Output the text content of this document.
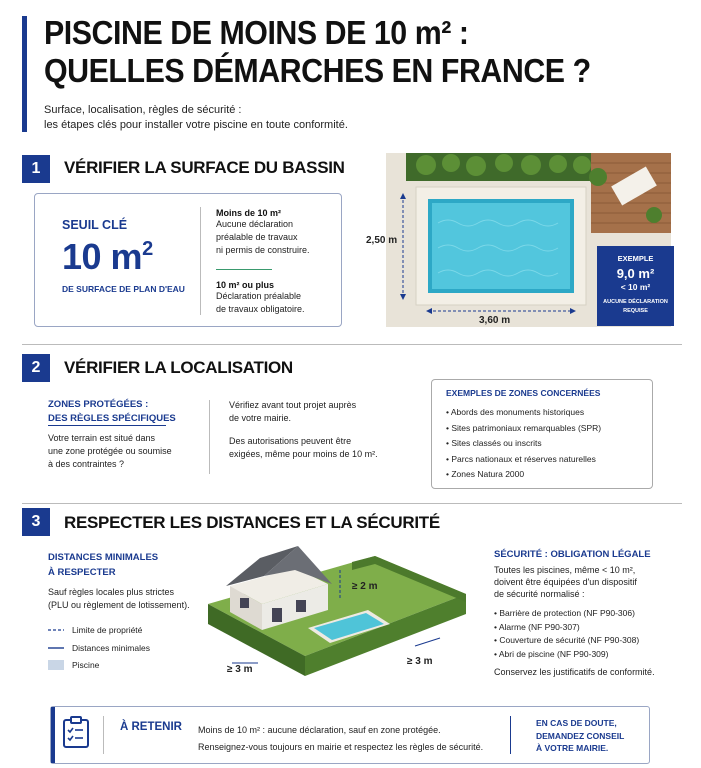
PISCINE DE MOINS DE 10 m² :
QUELLES DÉMARCHES EN FRANCE ?
Surface, localisation, règles de sécurité :
les étapes clés pour installer votre piscine en toute conformité.
1	VÉRIFIER LA SURFACE DU BASSIN
SEUIL CLÉ
10 $m^2$
DE SURFACE DE PLAN D'EAU
Moins de 10 m²
Aucune déclaration
préalable de travaux
ni permis de construire.
10 m² ou plus
Déclaration préalable
de travaux obligatoire.
2,50 m
3,60 m
EXEMPLE
9,0 m²
< 10 m²
AUCUNE DÉCLARATION
REQUISE
2	VÉRIFIER LA LOCALISATION
ZONES PROTÉGÉES :
DES RÈGLES SPÉCIFIQUES
Votre terrain est situé dans
une zone protégée ou soumise
à des contraintes ?
Vérifiez avant tout projet auprès
de votre mairie.
Des autorisations peuvent être
exigées, même pour moins de 10 m².
EXEMPLES DE ZONES CONCERNÉES
• Abords des monuments historiques
• Sites patrimoniaux remarquables (SPR)
• Sites classés ou inscrits
• Parcs nationaux et réserves naturelles
• Zones Natura 2000
3	RESPECTER LES DISTANCES ET LA SÉCURITÉ
DISTANCES MINIMALES
À RESPECTER
Sauf règles locales plus strictes
(PLU ou règlement de lotissement).
Limite de propriété
Distances minimales
Piscine
≥ 2 m
≥ 3 m
≥ 3 m
SÉCURITÉ : OBLIGATION LÉGALE
Toutes les piscines, même < 10 m²,
doivent être équipées d'un dispositif
de sécurité normalisé :
• Barrière de protection (NF P90-306)
• Alarme (NF P90-307)
• Couverture de sécurité (NF P90-308)
• Abri de piscine (NF P90-309)
Conservez les justificatifs de conformité.
À RETENIR Moins de 10 m² : aucune déclaration, sauf en zone protégée.
Renseignez-vous toujours en mairie et respectez les règles de sécurité.
EN CAS DE DOUTE,
DEMANDEZ CONSEIL
À VOTRE MAIRIE.
